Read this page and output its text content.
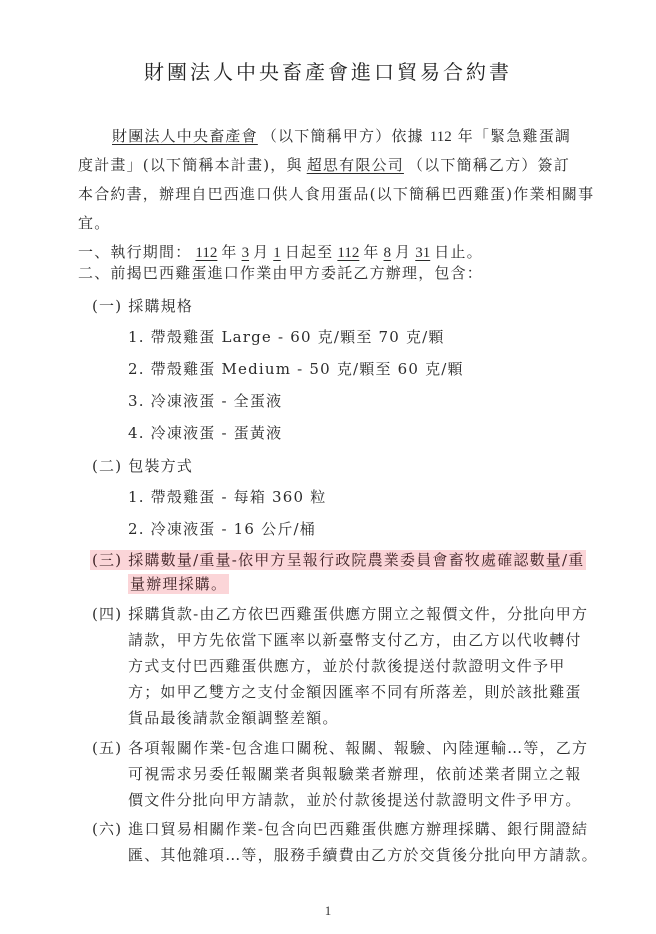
財團法人中央畜產會進口貿易合約書
財團法人中央畜產會 （以下簡稱甲方）依據 112 年「緊急雞蛋調
度計畫」(以下簡稱本計畫)，與 超思有限公司 （以下簡稱乙方）簽訂
本合約書，辦理自巴西進口供人食用蛋品(以下簡稱巴西雞蛋)作業相關事
宜。
一、執行期間： 112 年 3 月 1 日起至 112 年 8 月 31 日止。
二、前揭巴西雞蛋進口作業由甲方委託乙方辦理，包含：
(一) 採購規格
1. 帶殼雞蛋 Large - 60 克/顆至 70 克/顆
2. 帶殼雞蛋 Medium - 50 克/顆至 60 克/顆
3. 冷凍液蛋 - 全蛋液
4. 冷凍液蛋 - 蛋黃液
(二) 包裝方式
1. 帶殼雞蛋 - 每箱 360 粒
2. 冷凍液蛋 - 16 公斤/桶
(三) 採購數量/重量-依甲方呈報行政院農業委員會畜牧處確認數量/重
量辦理採購。
(四) 採購貨款-由乙方依巴西雞蛋供應方開立之報價文件，分批向甲方
請款，甲方先依當下匯率以新臺幣支付乙方，由乙方以代收轉付
方式支付巴西雞蛋供應方，並於付款後提送付款證明文件予甲
方；如甲乙雙方之支付金額因匯率不同有所落差，則於該批雞蛋
貨品最後請款金額調整差額。
(五) 各項報關作業-包含進口關稅、報關、報驗、內陸運輸…等，乙方
可視需求另委任報關業者與報驗業者辦理，依前述業者開立之報
價文件分批向甲方請款，並於付款後提送付款證明文件予甲方。
(六) 進口貿易相關作業-包含向巴西雞蛋供應方辦理採購、銀行開證結
匯、其他雜項…等，服務手續費由乙方於交貨後分批向甲方請款。
1
